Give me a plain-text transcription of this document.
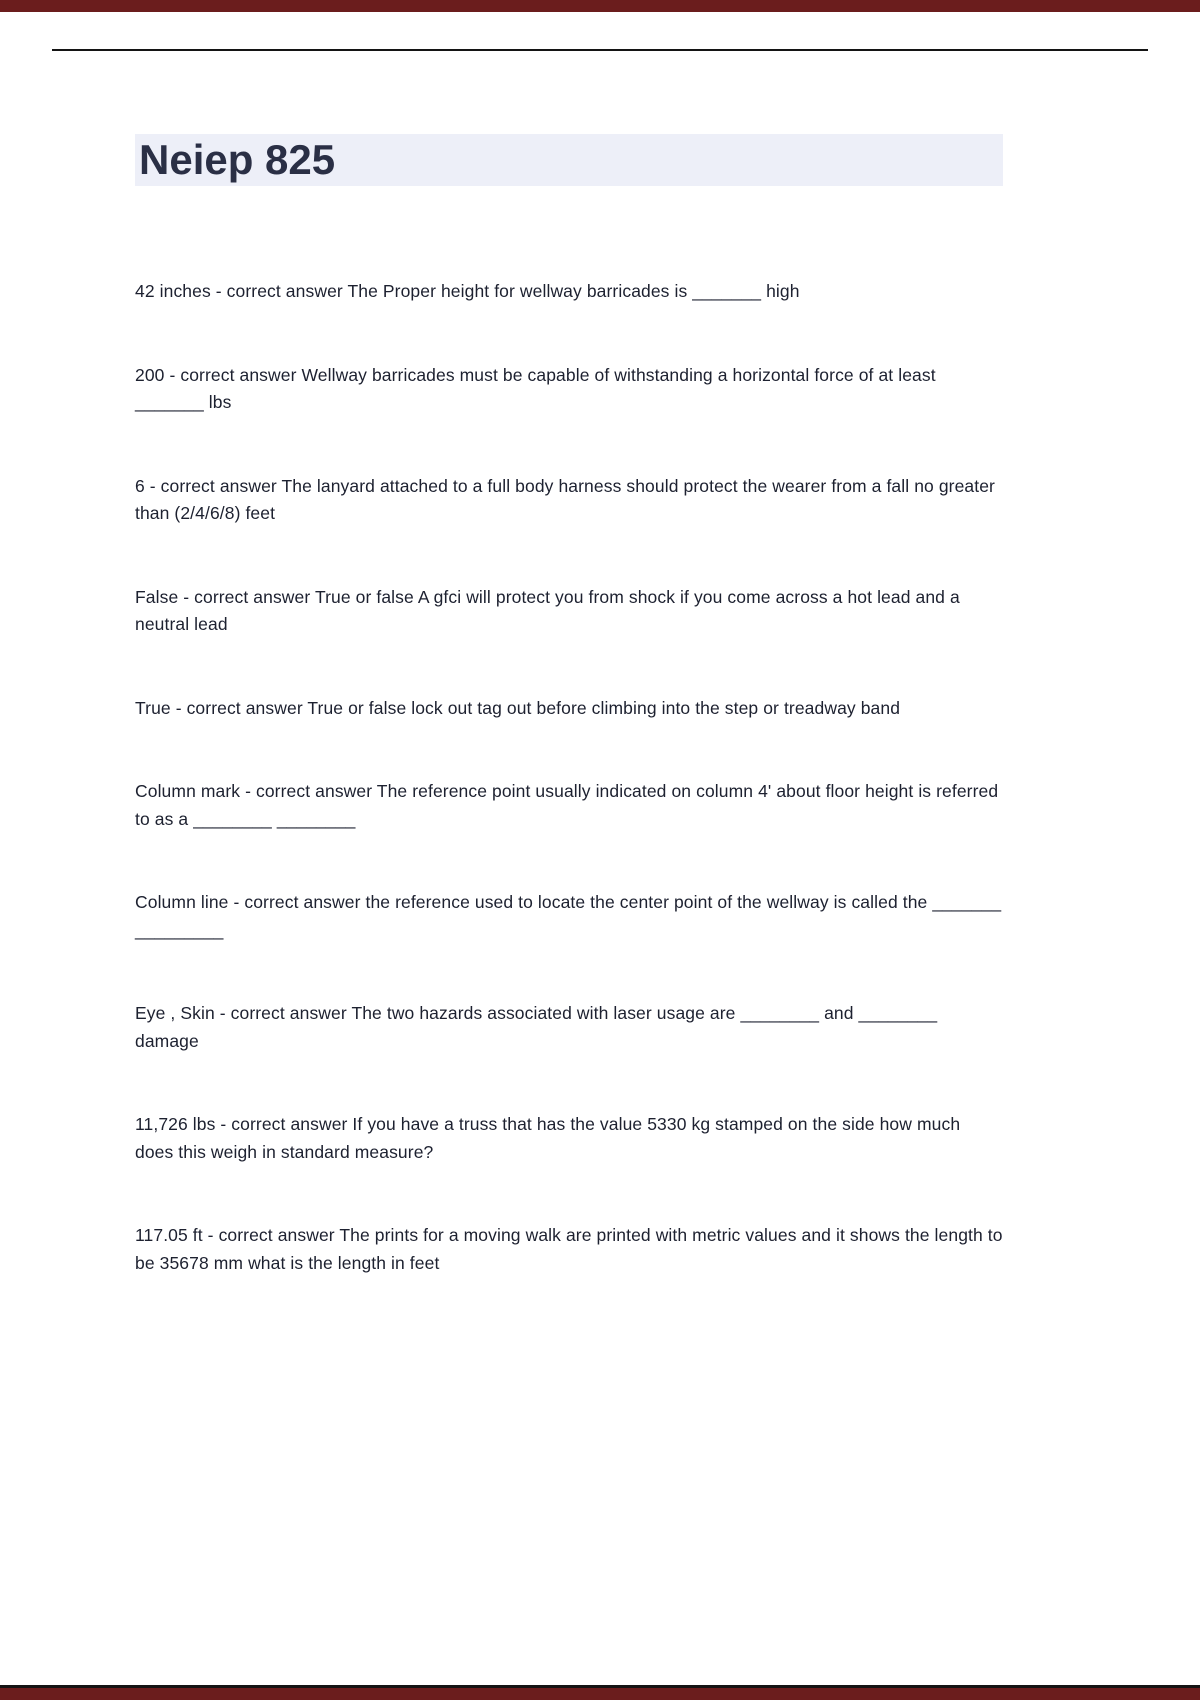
Neiep 825

42 inches - correct answer The Proper height for wellway barricades is _______ high

200 - correct answer Wellway barricades must be capable of withstanding a horizontal force of at least _______ lbs

6 - correct answer The lanyard attached to a full body harness should protect the wearer from a fall no greater than (2/4/6/8) feet

False - correct answer True or false A gfci will protect you from shock if you come across a hot lead and a neutral lead

True - correct answer True or false lock out tag out before climbing into the step or treadway band

Column mark - correct answer The reference point usually indicated on column 4' about floor height is referred to as a ________ ________

Column line - correct answer the reference used to locate the center point of the wellway is called the _______ _________

Eye , Skin - correct answer The two hazards associated with laser usage are ________ and ________ damage

11,726 lbs - correct answer If you have a truss that has the value 5330 kg stamped on the side how much does this weigh in standard measure?

117.05 ft - correct answer The prints for a moving walk are printed with metric values and it shows the length to be 35678 mm what is the length in feet
